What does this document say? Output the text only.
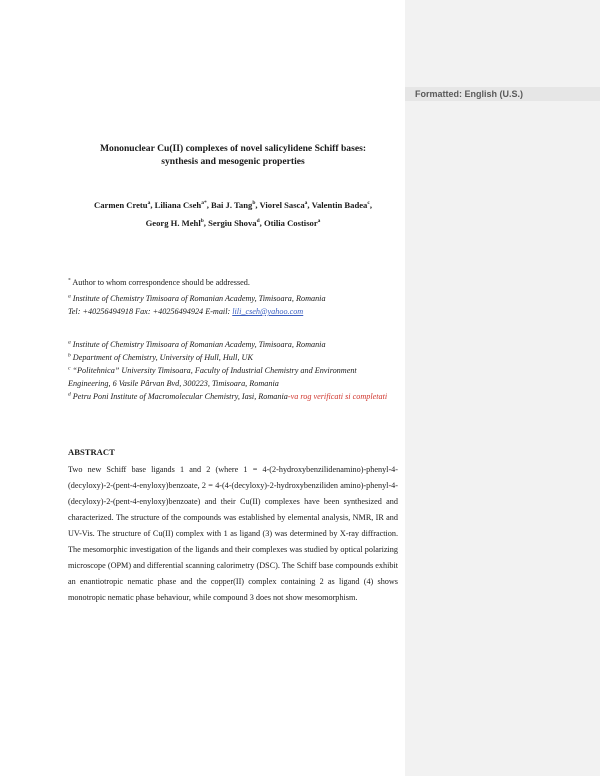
Formatted: English (U.S.)
Mononuclear Cu(II) complexes of novel salicylidene Schiff bases:
synthesis and mesogenic properties
Carmen Cretu$^a$, Liliana Cseh$^{a*}$, Bai J. Tang$^b$, Viorel Sasca$^a$, Valentin Badea$^c$,
Georg H. Mehl$^b$, Sergiu Shova$^d$, Otilia Costisor$^a$
* Author to whom correspondence should be addressed.
$^a$ Institute of Chemistry Timisoara of Romanian Academy, Timisoara, Romania
Tel: +40256494918 Fax: +40256494924 E-mail: lili_cseh@yahoo.com
$^a$ Institute of Chemistry Timisoara of Romanian Academy, Timisoara, Romania
$^b$ Department of Chemistry, University of Hull, Hull, UK
$^c$ “Politehnica” University Timisoara, Faculty of Industrial Chemistry and Environment Engineering, 6 Vasile Pârvan Bvd, 300223, Timisoara, Romania
$^d$ Petru Poni Institute of Macromolecular Chemistry, Iasi, Romania-va rog verificati si completati
ABSTRACT
Two new Schiff base ligands 1 and 2 (where 1 = 4-(2-hydroxybenzilidenamino)-phenyl-4-(decyloxy)-2-(pent-4-enyloxy)benzoate, 2 = 4-(4-(decyloxy)-2-hydroxybenziliden amino)-phenyl-4-(decyloxy)-2-(pent-4-enyloxy)benzoate) and their Cu(II) complexes have been synthesized and characterized. The structure of the compounds was established by elemental analysis, NMR, IR and UV-Vis. The structure of Cu(II) complex with 1 as ligand (3) was determined by X-ray diffraction. The mesomorphic investigation of the ligands and their complexes was studied by optical polarizing microscope (OPM) and differential scanning calorimetry (DSC). The Schiff base compounds exhibit an enantiotropic nematic phase and the copper(II) complex containing 2 as ligand (4) shows monotropic nematic phase behaviour, while compound 3 does not show mesomorphism.
